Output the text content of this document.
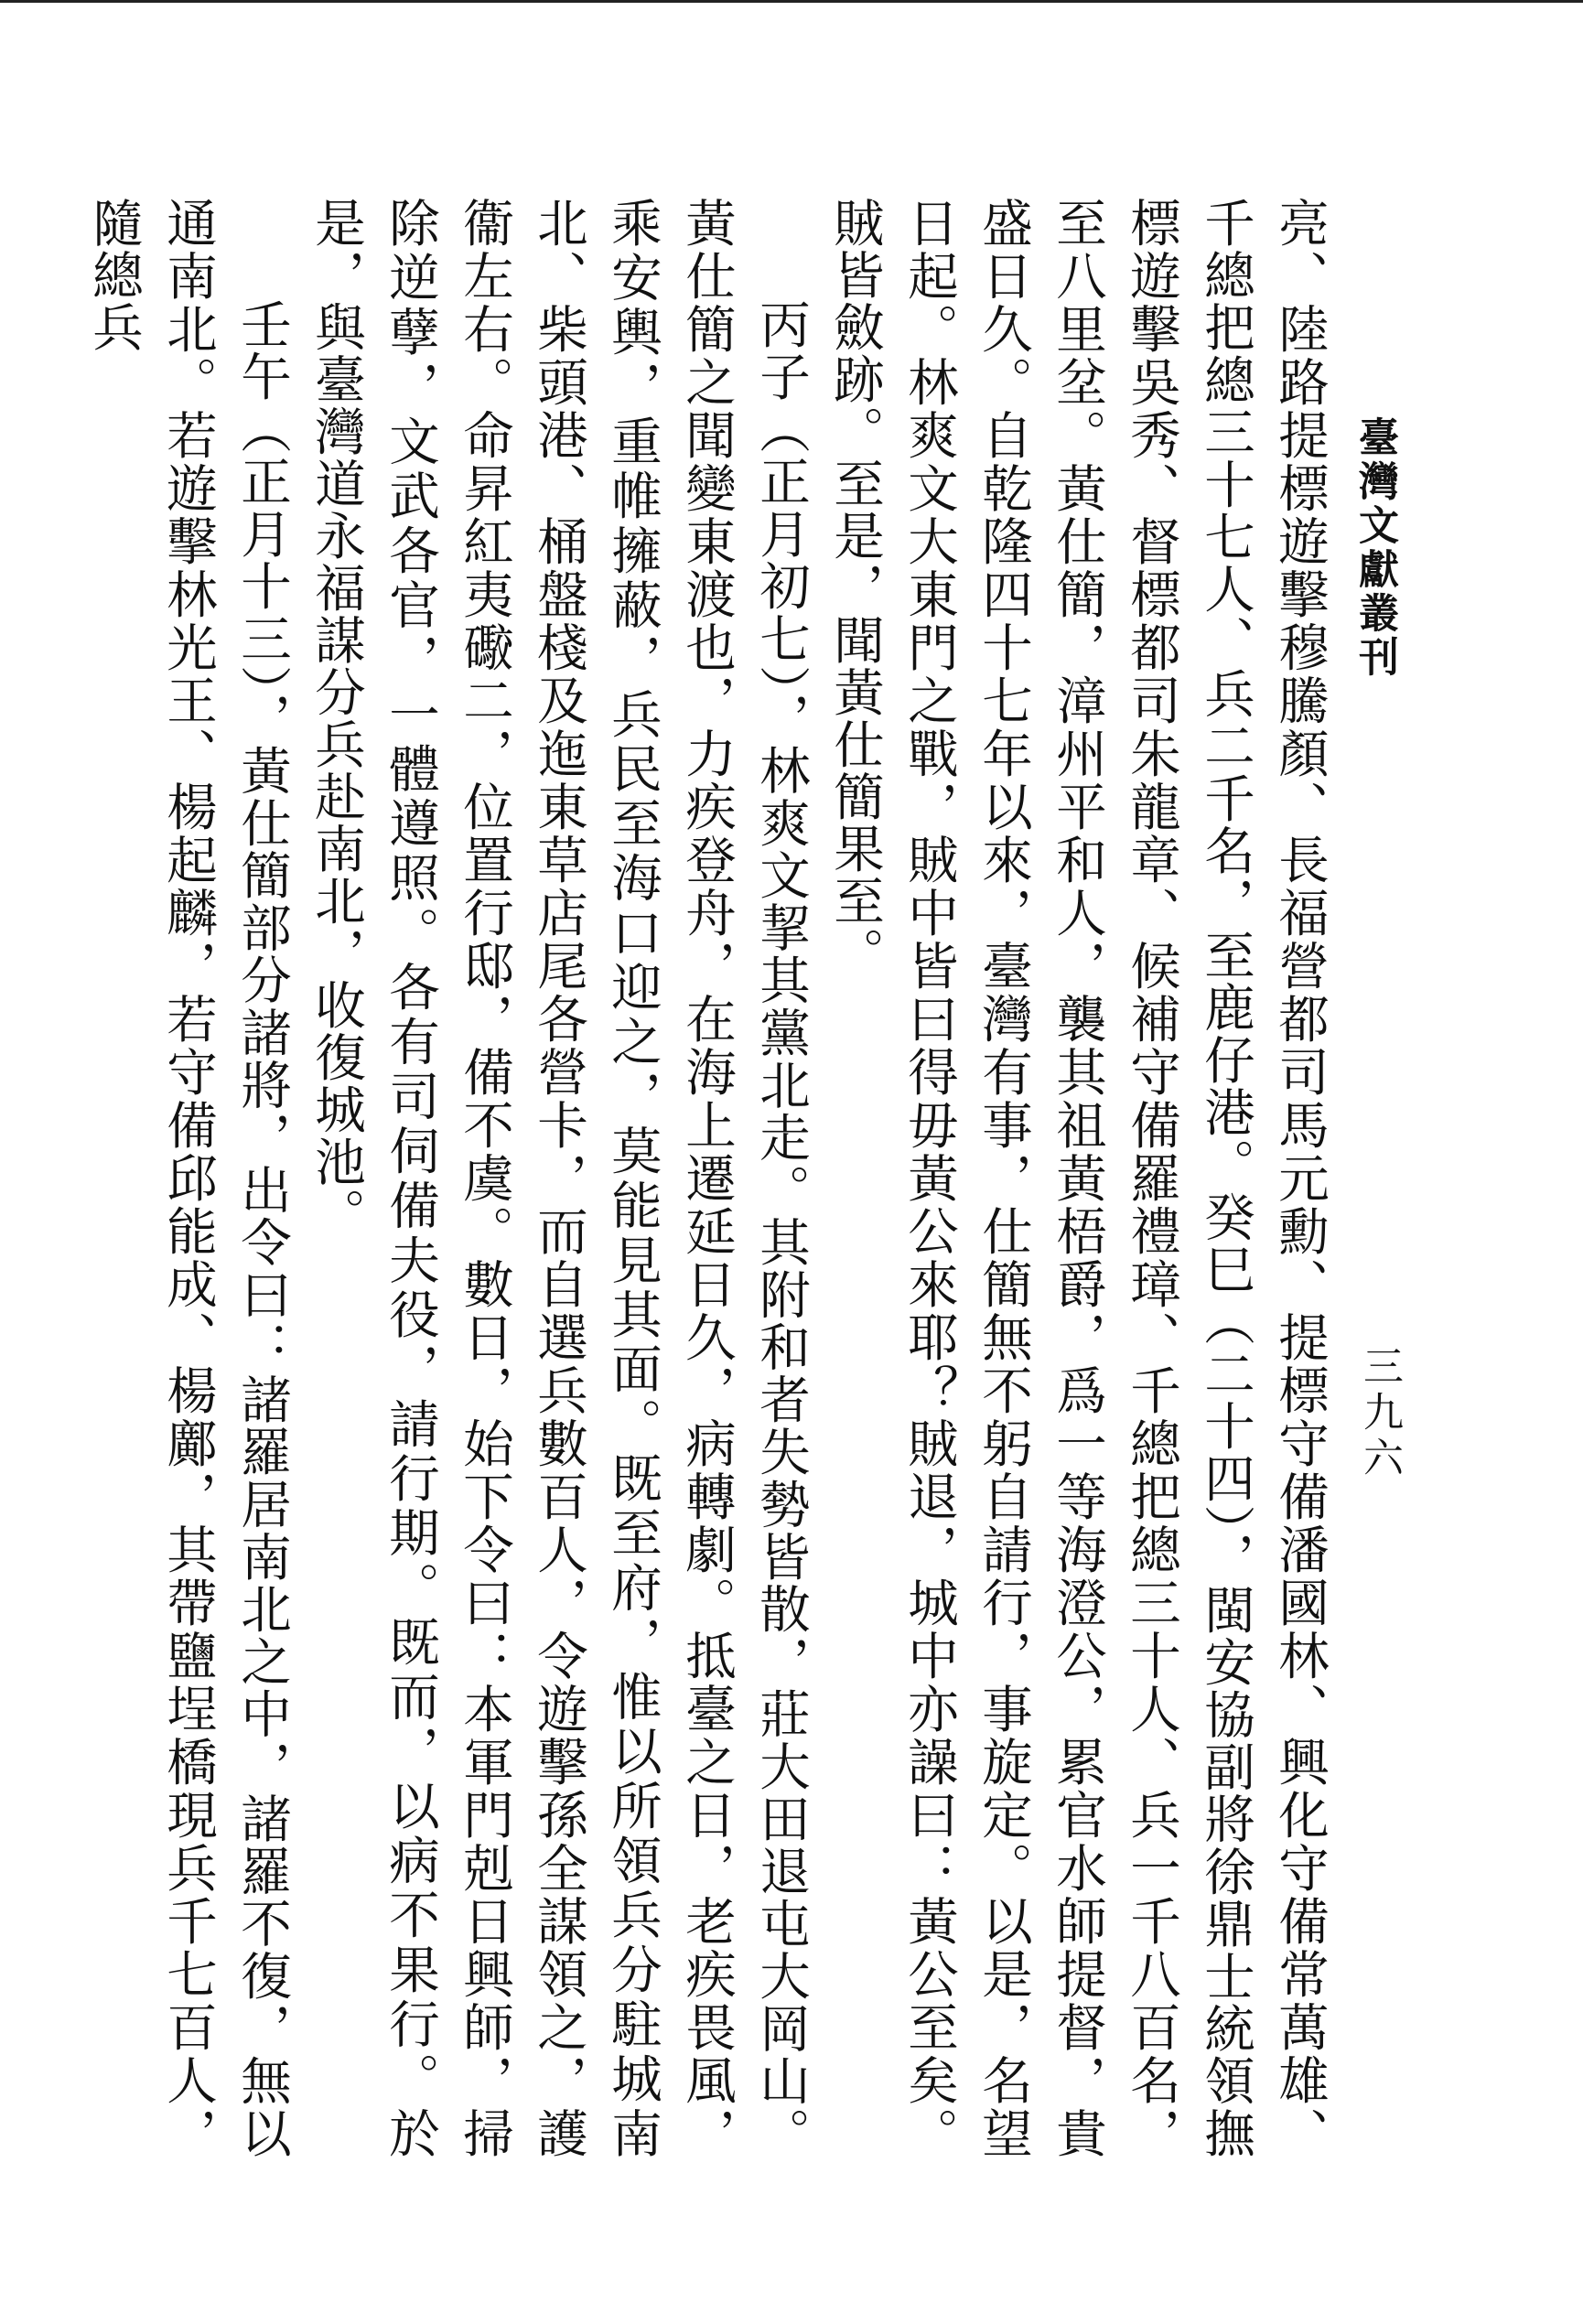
臺灣文獻叢刊
三九六

亮、陸路提標遊擊穆騰顏、長福營都司馬元勳、提標守備潘國林、興化守備常萬雄、千總把總三十七人、兵二千名，至鹿仔港。癸巳（二十四），閩安協副將徐鼎士統領撫標遊擊吳秀、督標都司朱龍章、候補守備羅禮璋、千總把總三十人、兵一千八百名，至八里坌。黃仕簡，漳州平和人，襲其祖黃梧爵，爲一等海澄公，累官水師提督，貴盛日久。自乾隆四十七年以來，臺灣有事，仕簡無不躬自請行，事旋定。以是，名望日起。林爽文大東門之戰，賊中皆曰得毋黃公來耶？賊退，城中亦譟曰：黃公至矣。賊皆斂跡。至是，聞黃仕簡果至。

丙子（正月初七），林爽文挈其黨北走。其附和者失勢皆散，莊大田退屯大岡山。黃仕簡之聞變東渡也，力疾登舟，在海上遷延日久，病轉劇。抵臺之日，老疾畏風，乘安輿，重帷擁蔽，兵民至海口迎之，莫能見其面。既至府，惟以所領兵分駐城南北、柴頭港、桶盤棧及迤東草店尾各營卡，而自選兵數百人，令遊擊孫全謀領之，護衞左右。命昇紅夷礮二，位置行邸，備不虞。數日，始下令曰：本軍門剋日興師，掃除逆孽，文武各官，一體遵照。各有司伺備夫役，請行期。既而，以病不果行。於是，與臺灣道永福謀分兵赴南北，收復城池。

壬午（正月十三），黃仕簡部分諸將，出令曰：諸羅居南北之中，諸羅不復，無以通南北。若遊擊林光王、楊起麟，若守備邱能成、楊鄺，其帶鹽埕橋現兵千七百人，隨總兵
